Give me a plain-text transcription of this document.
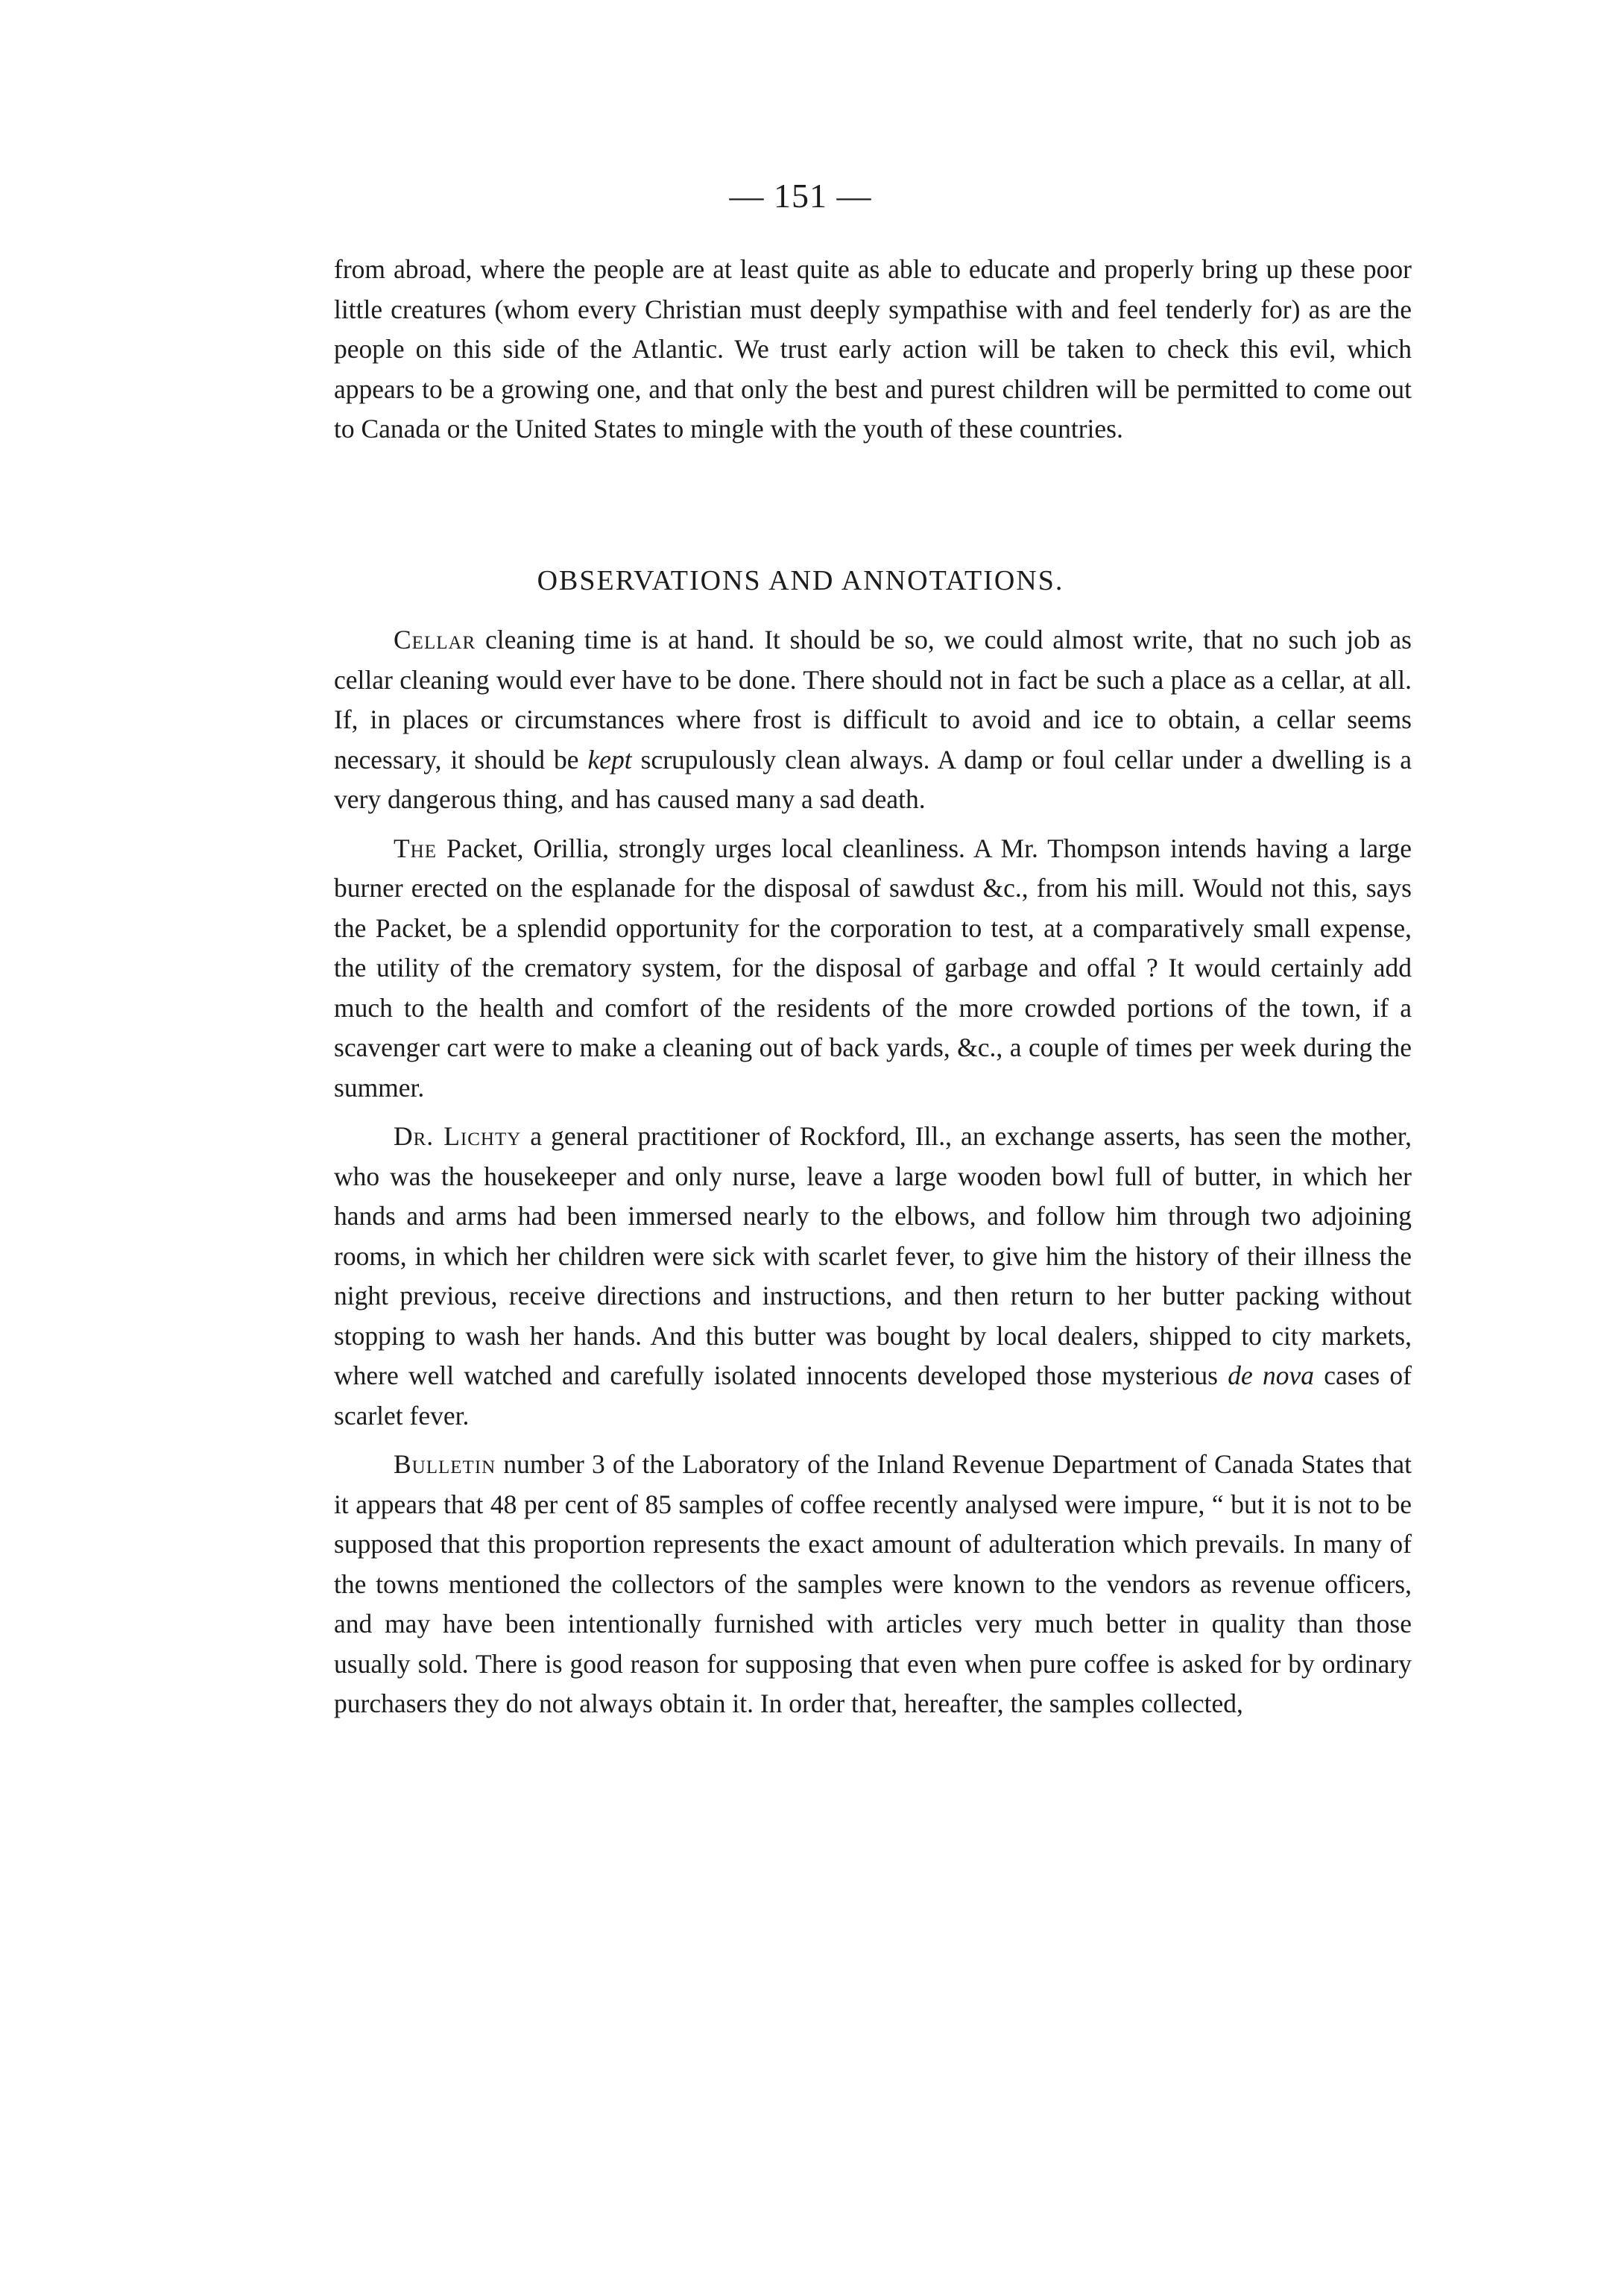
— 151 —

from abroad, where the people are at least quite as able to educate and properly bring up these poor little creatures (whom every Christian must deeply sympathise with and feel tenderly for) as are the people on this side of the Atlantic. We trust early action will be taken to check this evil, which appears to be a growing one, and that only the best and purest children will be permitted to come out to Canada or the United States to mingle with the youth of these countries.

OBSERVATIONS AND ANNOTATIONS.

Cellar cleaning time is at hand. It should be so, we could almost write, that no such job as cellar cleaning would ever have to be done. There should not in fact be such a place as a cellar, at all. If, in places or circumstances where frost is difficult to avoid and ice to obtain, a cellar seems necessary, it should be kept scrupulously clean always. A damp or foul cellar under a dwelling is a very dangerous thing, and has caused many a sad death.

The Packet, Orillia, strongly urges local cleanliness. A Mr. Thompson intends having a large burner erected on the esplanade for the disposal of sawdust &c., from his mill. Would not this, says the Packet, be a splendid opportunity for the corporation to test, at a comparatively small expense, the utility of the crematory system, for the disposal of garbage and offal ? It would certainly add much to the health and comfort of the residents of the more crowded portions of the town, if a scavenger cart were to make a cleaning out of back yards, &c., a couple of times per week during the summer.

Dr. Lichty a general practitioner of Rockford, Ill., an exchange asserts, has seen the mother, who was the housekeeper and only nurse, leave a large wooden bowl full of butter, in which her hands and arms had been immersed nearly to the elbows, and follow him through two adjoining rooms, in which her children were sick with scarlet fever, to give him the history of their illness the night previous, receive directions and instructions, and then return to her butter packing without stopping to wash her hands. And this butter was bought by local dealers, shipped to city markets, where well watched and carefully isolated innocents developed those mysterious de nova cases of scarlet fever.

Bulletin number 3 of the Laboratory of the Inland Revenue Department of Canada States that it appears that 48 per cent of 85 samples of coffee recently analysed were impure, “ but it is not to be supposed that this proportion represents the exact amount of adulteration which prevails. In many of the towns mentioned the collectors of the samples were known to the vendors as revenue officers, and may have been intentionally furnished with articles very much better in quality than those usually sold. There is good reason for supposing that even when pure coffee is asked for by ordinary purchasers they do not always obtain it. In order that, hereafter, the samples collected,
